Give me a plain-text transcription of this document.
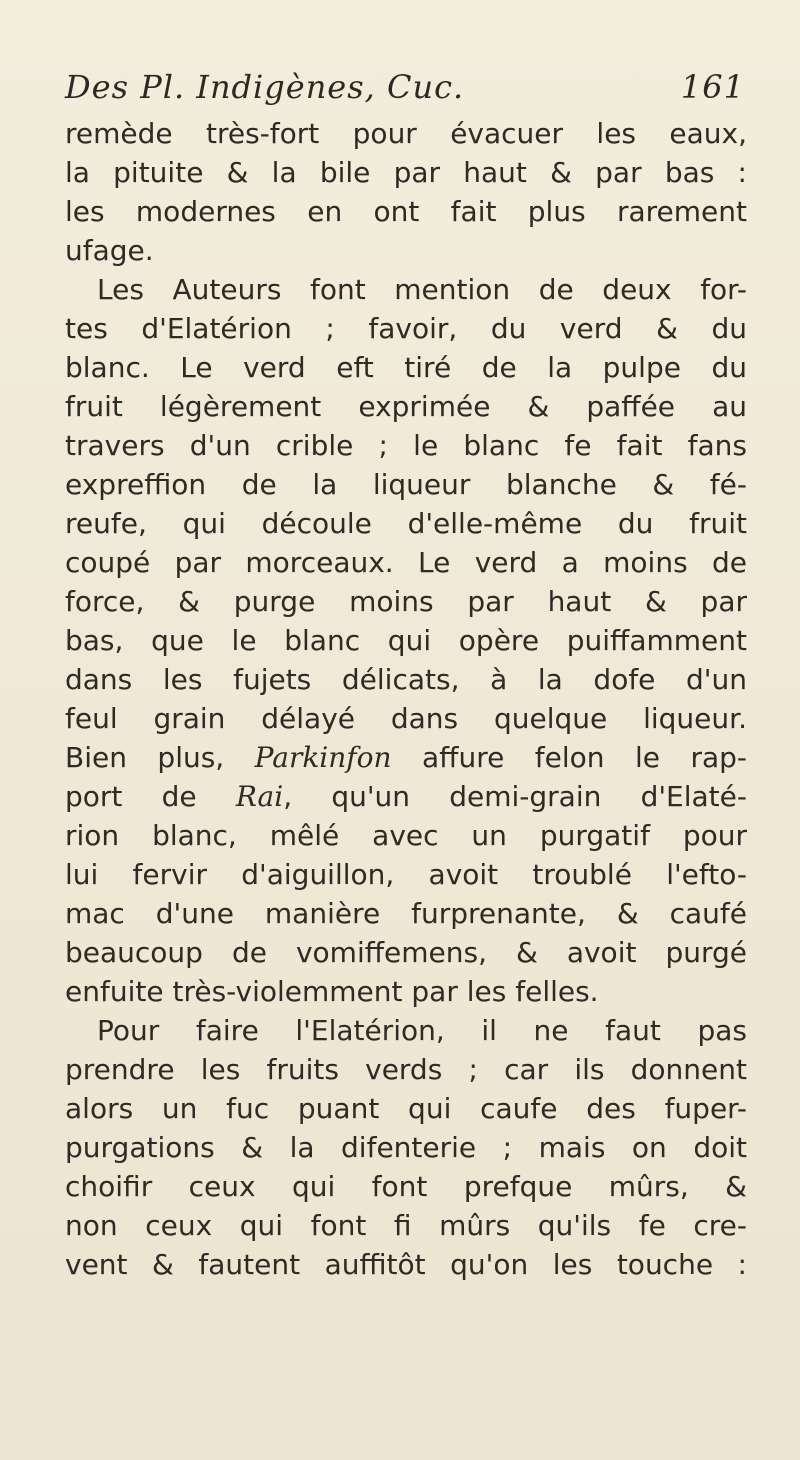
Des Pl. Indigènes, Cuc.	161
remède très-fort pour évacuer les eaux,
la pituite & la bile par haut & par bas :
les modernes en ont fait plus rarement
ufage.
Les Auteurs font mention de deux for-
tes d'Elatérion ; favoir, du verd & du
blanc. Le verd eft tiré de la pulpe du
fruit légèrement exprimée & paffée au
travers d'un crible ; le blanc fe fait fans
expreffion de la liqueur blanche & fé-
reufe, qui découle d'elle-même du fruit
coupé par morceaux. Le verd a moins de
force, & purge moins par haut & par
bas, que le blanc qui opère puiffamment
dans les fujets délicats, à la dofe d'un
feul grain délayé dans quelque liqueur.
Bien plus, Parkinfon affure felon le rap-
port de Rai, qu'un demi-grain d'Elaté-
rion blanc, mêlé avec un purgatif pour
lui fervir d'aiguillon, avoit troublé l'efto-
mac d'une manière furprenante, & caufé
beaucoup de vomiffemens, & avoit purgé
enfuite très-violemment par les felles.
Pour faire l'Elatérion, il ne faut pas
prendre les fruits verds ; car ils donnent
alors un fuc puant qui caufe des fuper-
purgations & la difenterie ; mais on doit
choifir ceux qui font prefque mûrs, &
non ceux qui font fi mûrs qu'ils fe cre-
vent & fautent auffitôt qu'on les touche :
